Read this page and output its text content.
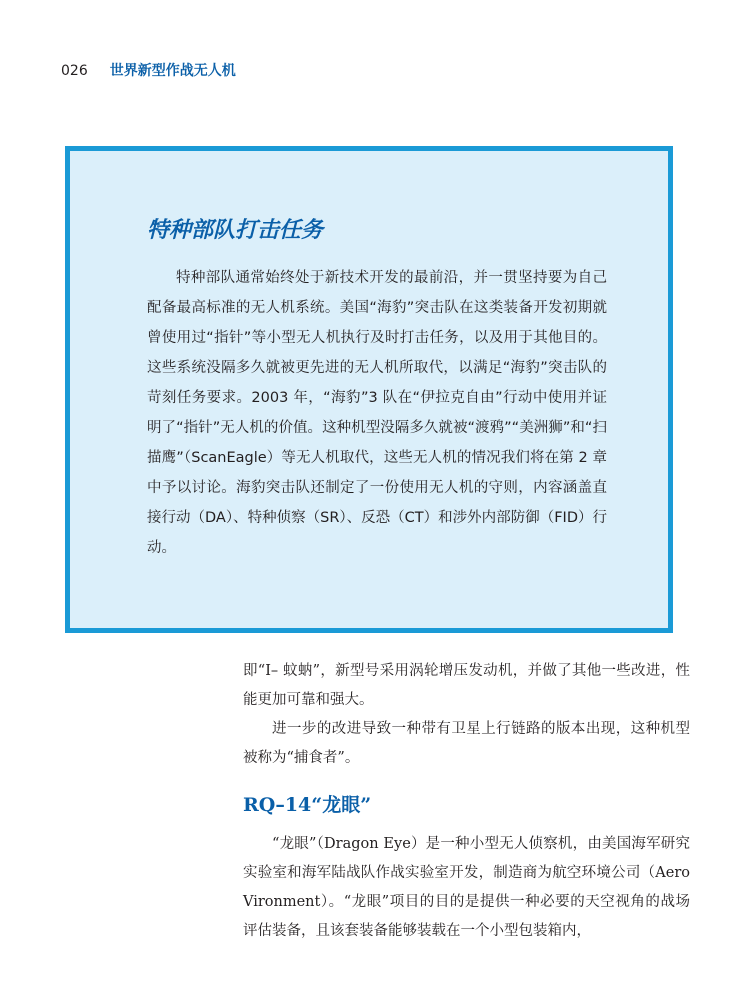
026 世界新型作战无人机
特种部队打击任务

特种部队通常始终处于新技术开发的最前沿，并一贯坚持要为自己配备最高标准的无人机系统。美国“海豹”突击队在这类装备开发初期就曾使用过“指针”等小型无人机执行及时打击任务，以及用于其他目的。这些系统没隔多久就被更先进的无人机所取代，以满足“海豹”突击队的苛刻任务要求。2003 年，“海豹”3 队在“伊拉克自由”行动中使用并证明了“指针”无人机的价值。这种机型没隔多久就被“渡鸦”“美洲狮”和“扫描鹰”（ScanEagle）等无人机取代，这些无人机的情况我们将在第 2 章中予以讨论。海豹突击队还制定了一份使用无人机的守则，内容涵盖直接行动（DA）、特种侦察（SR）、反恐（CT）和涉外内部防御（FID）行动。

即“I– 蚊蚋”，新型号采用涡轮增压发动机，并做了其他一些改进，性能更加可靠和强大。

进一步的改进导致一种带有卫星上行链路的版本出现，这种机型被称为“捕食者”。

RQ–14“龙眼”

“龙眼”（Dragon Eye）是一种小型无人侦察机，由美国海军研究实验室和海军陆战队作战实验室开发，制造商为航空环境公司（Aero Vironment）。“龙眼”项目的目的是提供一种必要的天空视角的战场评估装备，且该套装备能够装载在一个小型包装箱内，
